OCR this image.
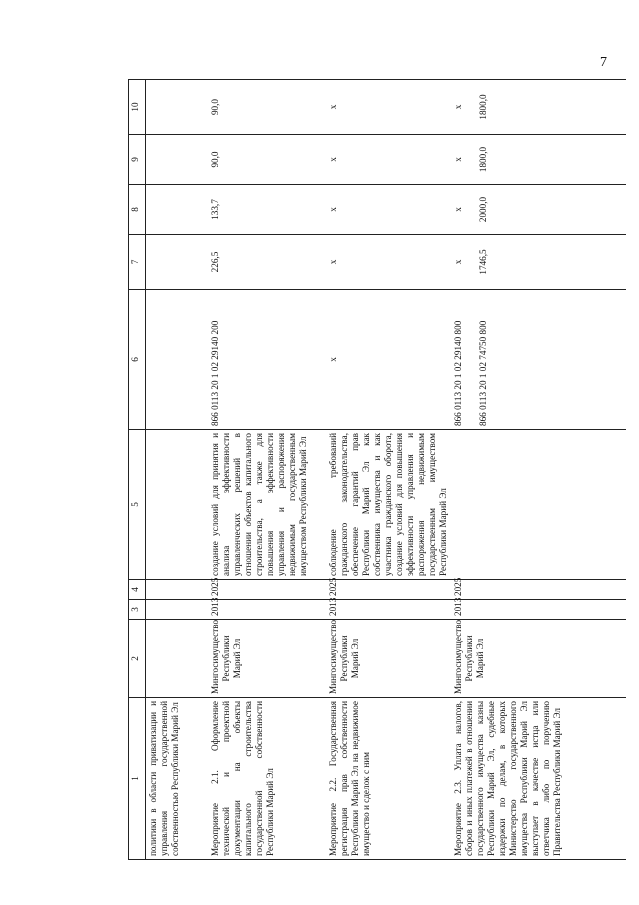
7
1	2	3	4	5	6	7	8	9	10
политики в области приватизации и управления государственной собственностью Республики Марий Эл									
Мероприятие 2.1. Оформление технической и проектной документации на объекты капитального строительства государственной собственности Республики Марий Эл	Мингосимущество Республики Марий Эл	2013	2025	создание условий для принятия и анализа эффективности управленческих решений в отношении объектов капитального строительства, а также для повышения эффективности управления и распоряжения недвижимым государственным имуществом Республики Марий Эл	866 0113 20 1 02 29140 200	226,5	133,7	90,0	90,0

Мероприятие 2.2. Государственная регистрация прав собственности Республики Марий Эл на недвижимое имущество и сделок с ним	Мингосимущество Республики Марий Эл	2013	2025	соблюдение требований гражданского законодательства, обеспечение гарантий прав Республики Марий Эл как собственника имущества и как участника гражданского оборота, создание условий для повышения эффективности управления и распоряжения недвижимым государственным имуществом Республики Марий Эл	х	х	х	х	х

Мероприятие 2.3. Уплата налогов, сборов и иных платежей в отношении государственного имущества казны Республики Марий Эл, судебные издержки по делам, в которых Министерство государственного имущества Республики Марий Эл выступает в качестве истца или ответчика либо по поручению Правительства Республики Марий Эл	Мингосимущество Республики Марий Эл	2013	2025		866 0113 20 1 02 29140 800 866 0113 20 1 02 74750 800	х 1746,5	х 2000,0	х 1800,0	х 1800,0
